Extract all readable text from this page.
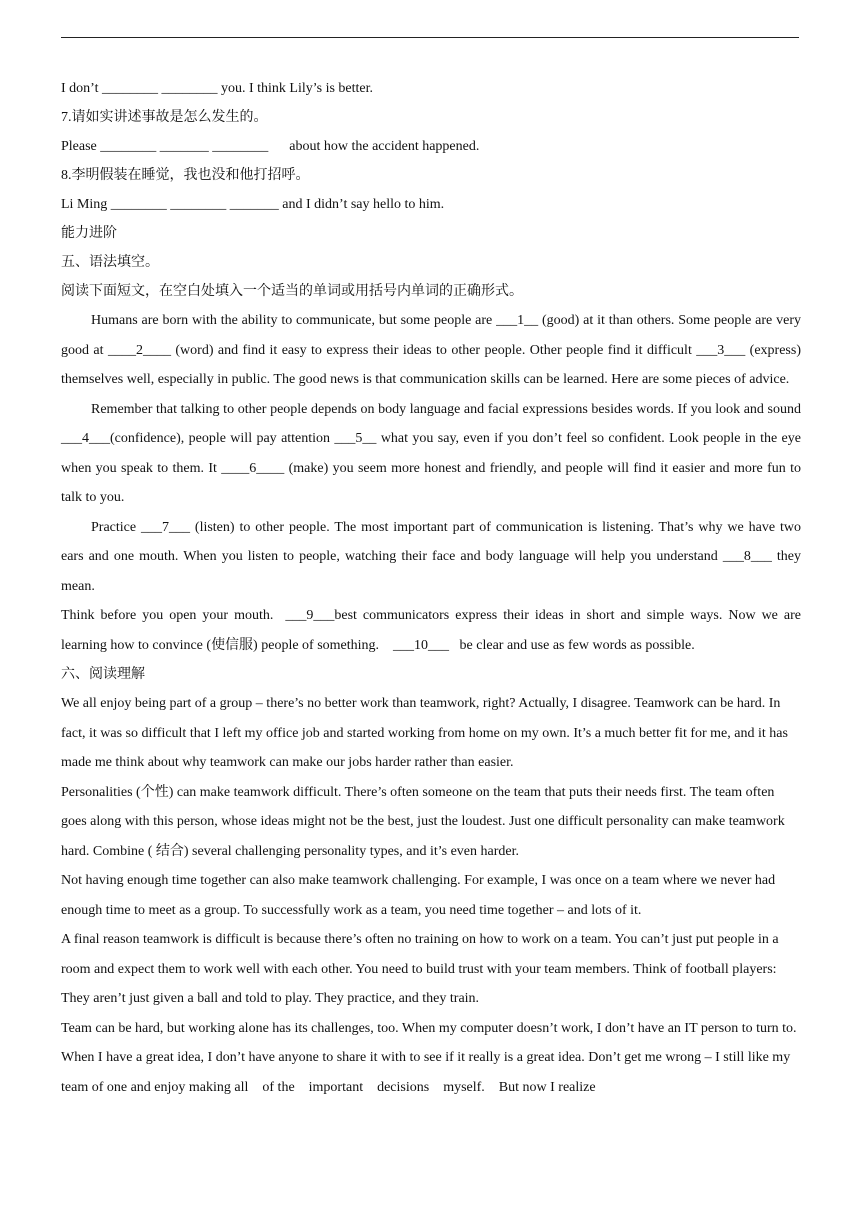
I don’t ________ ________ you. I think Lily’s is better.
7.请如实讲述事故是怎么发生的。
Please ________ _______ ________      about how the accident happened.
8.李明假装在睡觉，我也没和他打招呼。
Li Ming ________ ________ _______ and I didn’t say hello to him.
能力进阶
五、语法填空。
阅读下面短文，在空白处填入一个适当的单词或用括号内单词的正确形式。
Humans are born with the ability to communicate, but some people are ___1__ (good) at it than others. Some people are very good at ____2____ (word) and find it easy to express their ideas to other people. Other people find it difficult ___3___ (express) themselves well, especially in public. The good news is that communication skills can be learned. Here are some pieces of advice.
Remember that talking to other people depends on body language and facial expressions besides words. If you look and sound ___4___(confidence), people will pay attention ___5__ what you say, even if you don’t feel so confident. Look people in the eye when you speak to them. It ____6____ (make) you seem more honest and friendly, and people will find it easier and more fun to talk to you.
Practice ___7___ (listen) to other people. The most important part of communication is listening. That’s why we have two ears and one mouth. When you listen to people, watching their face and body language will help you understand ___8___ they mean.
Think before you open your mouth.  ___9___best communicators express their ideas in short and simple ways. Now we are learning how to convince (使信服) people of something.    ___10___   be clear and use as few words as possible.
六、阅读理解
We all enjoy being part of a group – there’s no better work than teamwork, right? Actually, I disagree. Teamwork can be hard. In fact, it was so difficult that I left my office job and started working from home on my own. It’s a much better fit for me, and it has made me think about why teamwork can make our jobs harder rather than easier.
Personalities (个性) can make teamwork difficult. There’s often someone on the team that puts their needs first. The team often goes along with this person, whose ideas might not be the best, just the loudest. Just one difficult personality can make teamwork hard. Combine ( 结合) several challenging personality types, and it’s even harder.
Not having enough time together can also make teamwork challenging. For example, I was once on a team where we never had enough time to meet as a group. To successfully work as a team, you need time together – and lots of it.
A final reason teamwork is difficult is because there’s often no training on how to work on a team. You can’t just put people in a room and expect them to work well with each other. You need to build trust with your team members. Think of football players: They aren’t just given a ball and told to play. They practice, and they train.
Team can be hard, but working alone has its challenges, too. When my computer doesn’t work, I don’t have an IT person to turn to. When I have a great idea, I don’t have anyone to share it with to see if it really is a great idea. Don’t get me wrong – I still like my team of one and enjoy making all    of the    important    decisions    myself.    But now I realize
